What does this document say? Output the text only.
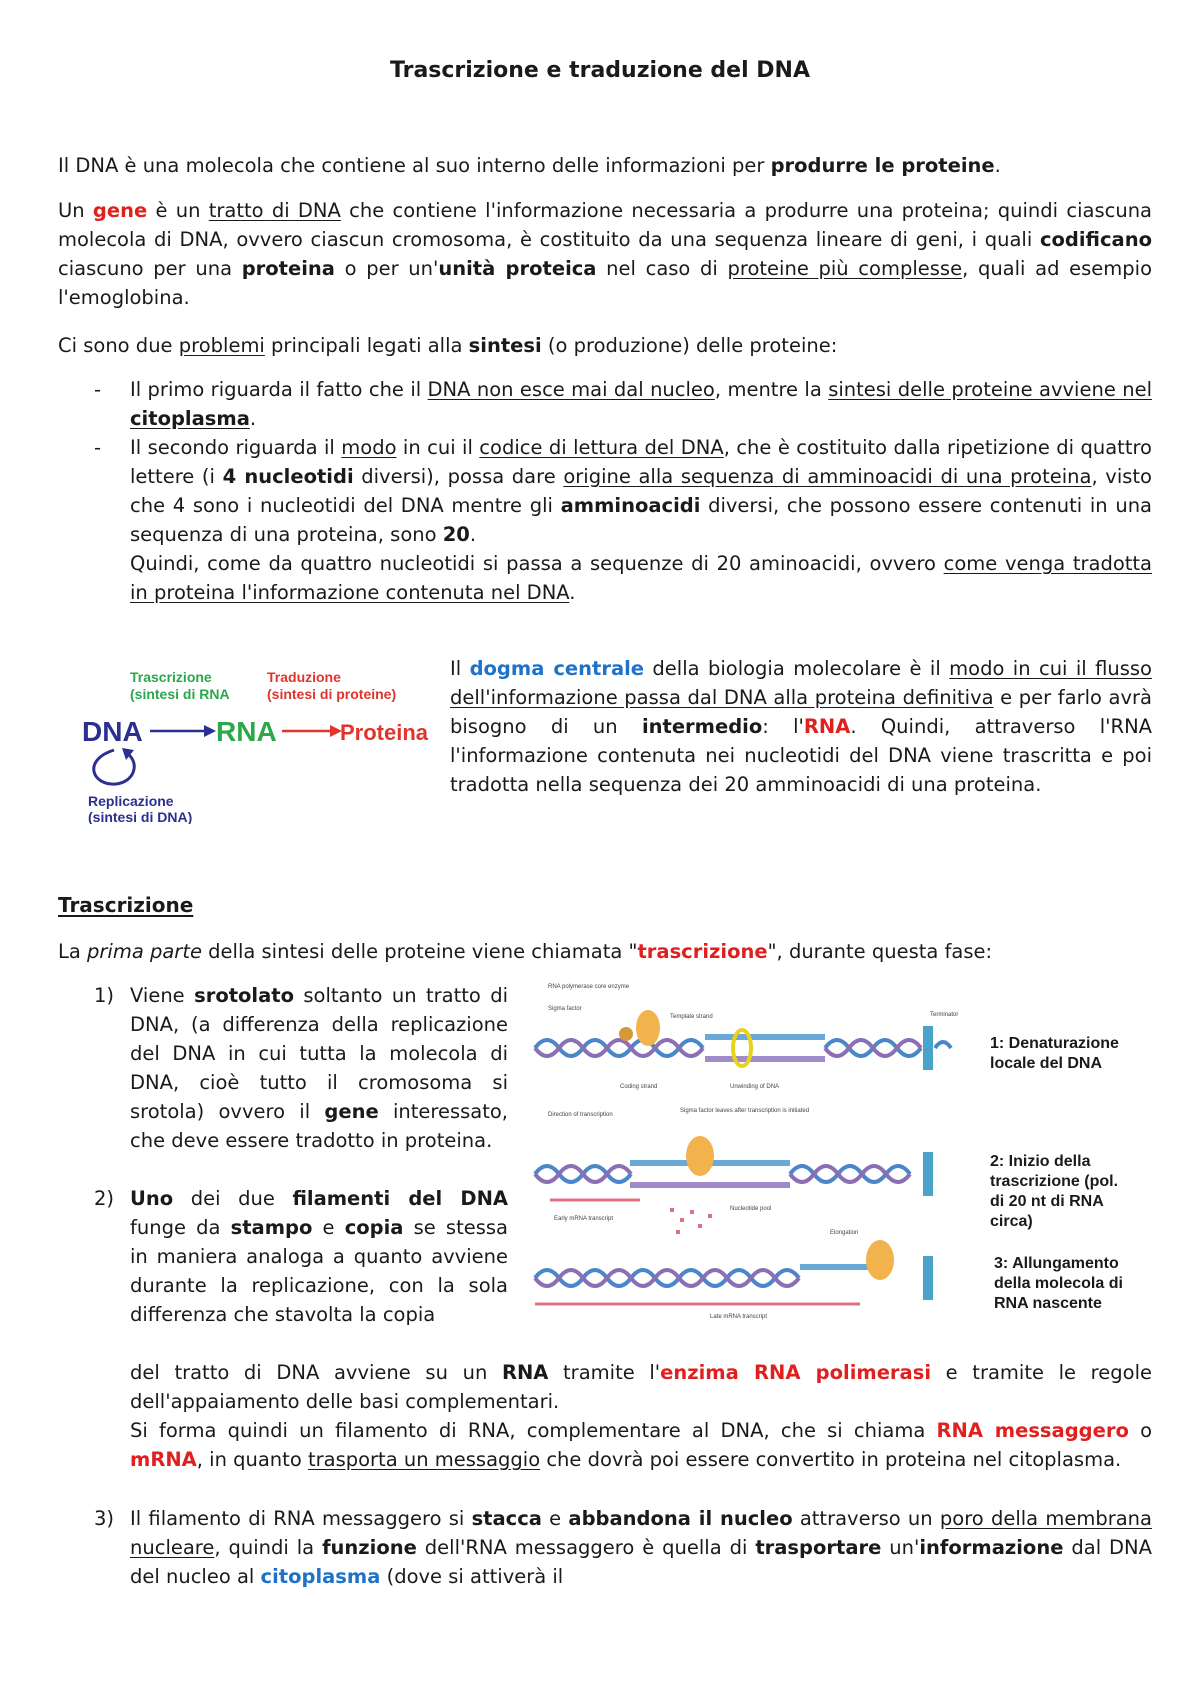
Trascrizione e traduzione del DNA
Il DNA è una molecola che contiene al suo interno delle informazioni per produrre le proteine.
Un gene è un tratto di DNA che contiene l'informazione necessaria a produrre una proteina; quindi ciascuna molecola di DNA, ovvero ciascun cromosoma, è costituito da una sequenza lineare di geni, i quali codificano ciascuno per una proteina o per un'unità proteica nel caso di proteine più complesse, quali ad esempio l'emoglobina.
Ci sono due problemi principali legati alla sintesi (o produzione) delle proteine:
- Il primo riguarda il fatto che il DNA non esce mai dal nucleo, mentre la sintesi delle proteine avviene nel citoplasma.
- Il secondo riguarda il modo in cui il codice di lettura del DNA, che è costituito dalla ripetizione di quattro lettere (i 4 nucleotidi diversi), possa dare origine alla sequenza di amminoacidi di una proteina, visto che 4 sono i nucleotidi del DNA mentre gli amminoacidi diversi, che possono essere contenuti in una sequenza di una proteina, sono 20.
Quindi, come da quattro nucleotidi si passa a sequenze di 20 aminoacidi, ovvero come venga tradotta in proteina l'informazione contenuta nel DNA.
Trascrizione
(sintesi di RNA
Traduzione
(sintesi di proteine)
DNA	RNA	Proteina
Replicazione
(sintesi di DNA)
Il dogma centrale della biologia molecolare è il modo in cui il flusso dell'informazione passa dal DNA alla proteina definitiva e per farlo avrà bisogno di un intermedio: l'RNA. Quindi, attraverso l'RNA l'informazione contenuta nei nucleotidi del DNA viene trascritta e poi tradotta nella sequenza dei 20 amminoacidi di una proteina.
Trascrizione
La prima parte della sintesi delle proteine viene chiamata "trascrizione", durante questa fase:
1) Viene srotolato soltanto un tratto di DNA, (a differenza della replicazione del DNA in cui tutta la molecola di DNA, cioè tutto il cromosoma si srotola) ovvero il gene interessato, che deve essere tradotto in proteina.
2) Uno dei due filamenti del DNA funge da stampo e copia se stessa in maniera analoga a quanto avviene durante la replicazione, con la sola differenza che stavolta la copia
del tratto di DNA avviene su un RNA tramite l'enzima RNA polimerasi e tramite le regole dell'appaiamento delle basi complementari.
Si forma quindi un filamento di RNA, complementare al DNA, che si chiama RNA messaggero o mRNA, in quanto trasporta un messaggio che dovrà poi essere convertito in proteina nel citoplasma.
3) Il filamento di RNA messaggero si stacca e abbandona il nucleo attraverso un poro della membrana nucleare, quindi la funzione dell'RNA messaggero è quella di trasportare un'informazione dal DNA del nucleo al citoplasma (dove si attiverà il
RNA polymerase core enzyme
Sigma factor
Template strand	Terminator
Coding strand	Unwinding of DNA
1: Denaturazione locale del DNA
Direction of transcription
Sigma factor leaves after transcription is initiated
Early mRNA transcript
Nucleotide pool
2: Inizio della trascrizione (pol. di 20 nt di RNA circa)
Elongation
Late mRNA transcript
3: Allungamento della molecola di RNA nascente
